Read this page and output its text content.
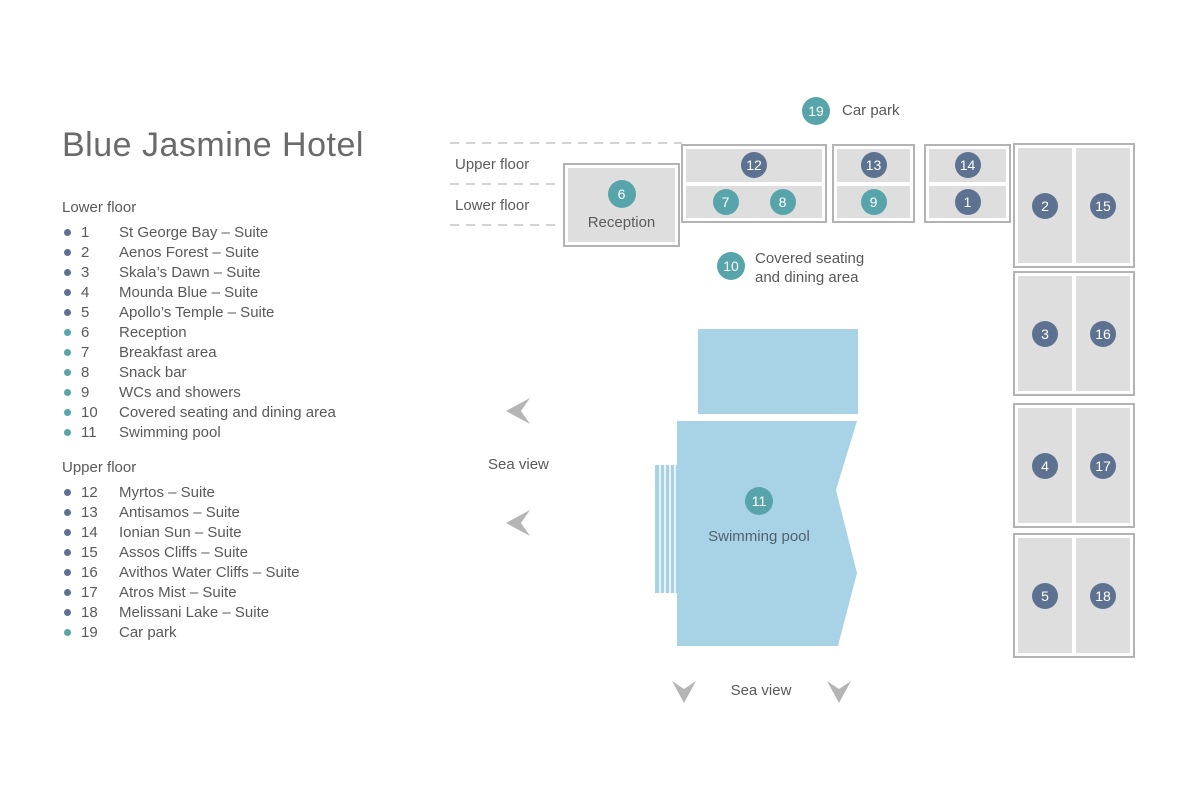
Blue Jasmine Hotel
Lower floor
1	St George Bay – Suite
2	Aenos Forest – Suite
3	Skala’s Dawn – Suite
4	Mounda Blue – Suite
5	Apollo’s Temple – Suite
6	Reception
7	Breakfast area
8	Snack bar
9	WCs and showers
10	Covered seating and dining area
11	Swimming pool
Upper floor
12	Myrtos – Suite
13	Antisamos – Suite
14	Ionian Sun – Suite
15	Assos Cliffs – Suite
16	Avithos Water Cliffs – Suite
17	Atros Mist – Suite
18	Melissani Lake – Suite
19	Car park
19	Car park
Upper floor
Lower floor
6
Reception
12
7	8
13
9
14
1	2	15
3	16
4	17
5	18
10	Covered seating
and dining area
11
Swimming pool
Sea view
Sea view
